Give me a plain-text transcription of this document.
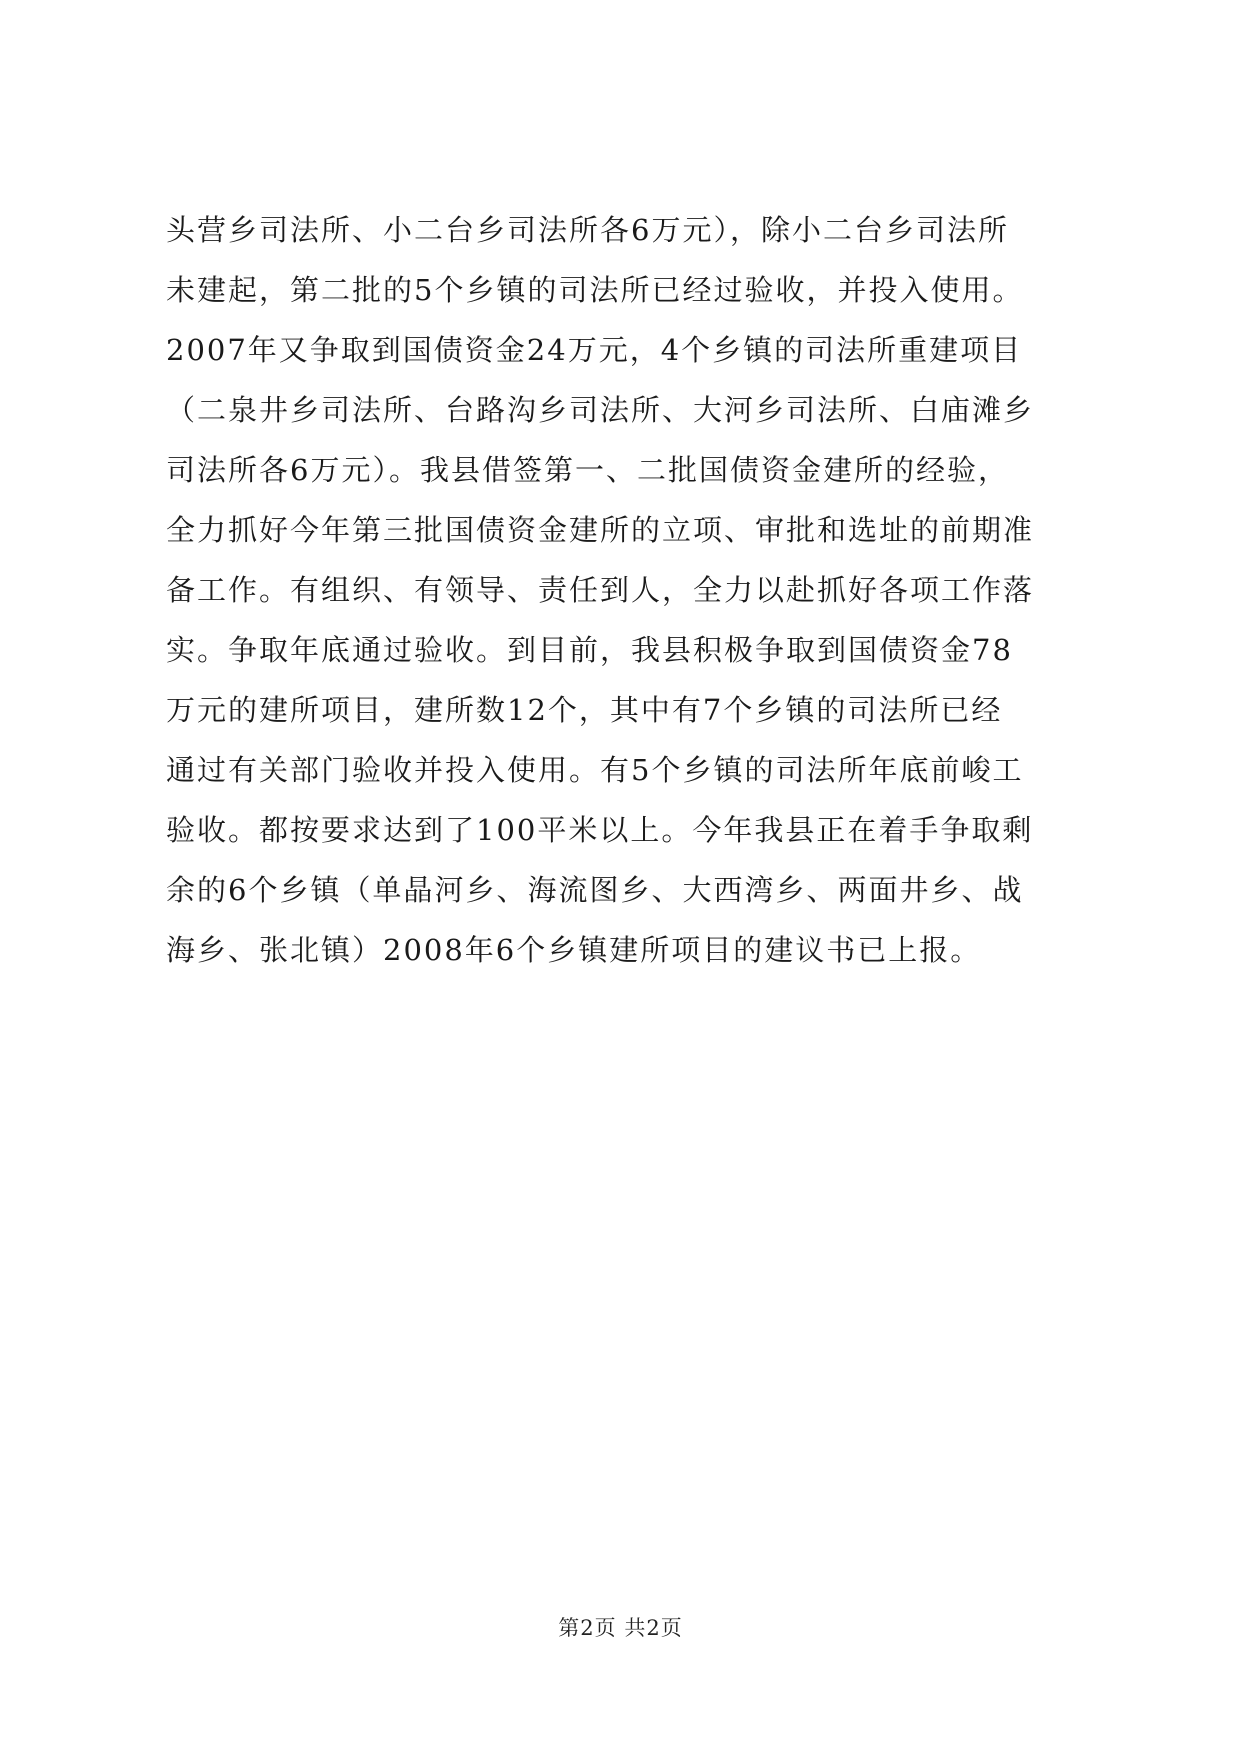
头营乡司法所、小二台乡司法所各6万元），除小二台乡司法所
未建起，第二批的5个乡镇的司法所已经过验收，并投入使用。
2007年又争取到国债资金24万元，4个乡镇的司法所重建项目
（二泉井乡司法所、台路沟乡司法所、大河乡司法所、白庙滩乡
司法所各6万元）。我县借签第一、二批国债资金建所的经验，
全力抓好今年第三批国债资金建所的立项、审批和选址的前期准
备工作。有组织、有领导、责任到人，全力以赴抓好各项工作落
实。争取年底通过验收。到目前，我县积极争取到国债资金78
万元的建所项目，建所数12个，其中有7个乡镇的司法所已经
通过有关部门验收并投入使用。有5个乡镇的司法所年底前峻工
验收。都按要求达到了100平米以上。今年我县正在着手争取剩
余的6个乡镇（单晶河乡、海流图乡、大西湾乡、两面井乡、战
海乡、张北镇）2008年6个乡镇建所项目的建议书已上报。
第2页 共2页
